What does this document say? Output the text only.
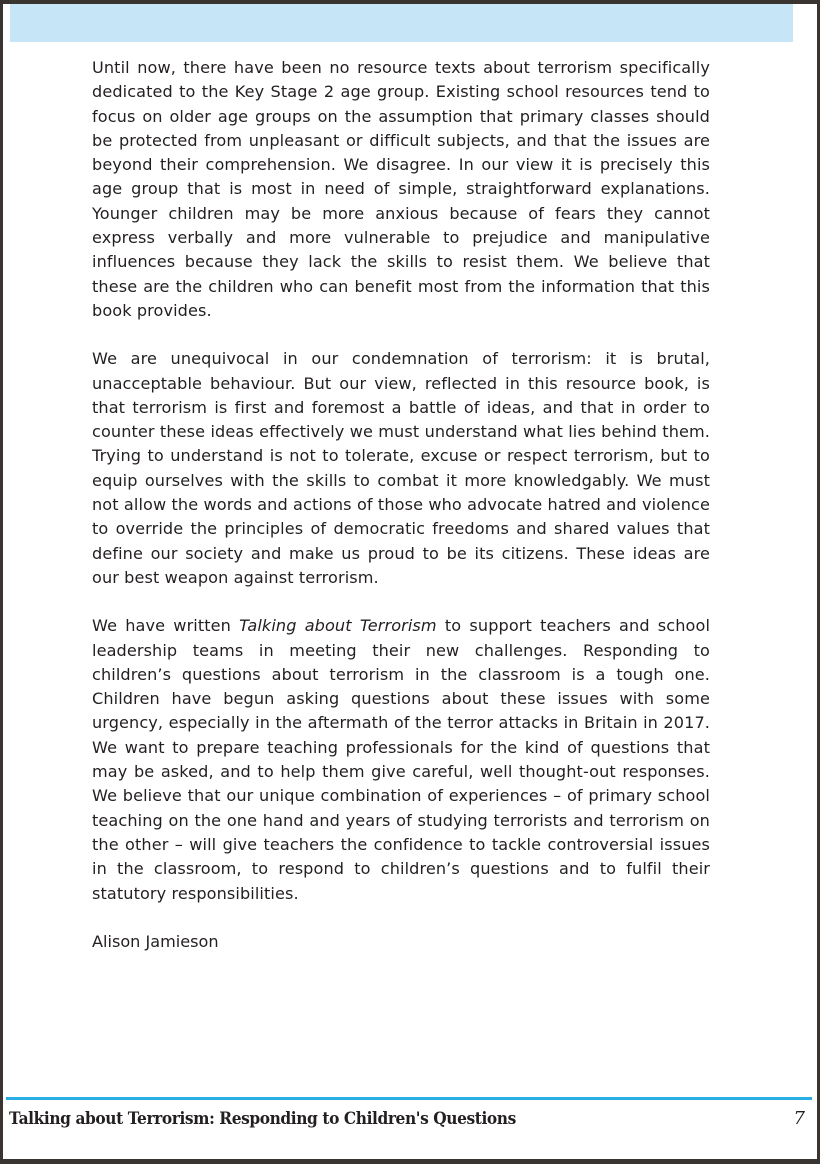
Until now, there have been no resource texts about terrorism specifically dedicated to the Key Stage 2 age group. Existing school resources tend to focus on older age groups on the assumption that primary classes should be protected from unpleasant or difficult subjects, and that the issues are beyond their comprehension. We disagree. In our view it is precisely this age group that is most in need of simple, straightforward explanations. Younger children may be more anxious because of fears they cannot express verbally and more vulnerable to prejudice and manipulative influences because they lack the skills to resist them. We believe that these are the children who can benefit most from the information that this book provides.

We are unequivocal in our condemnation of terrorism: it is brutal, unacceptable behaviour. But our view, reflected in this resource book, is that terrorism is first and foremost a battle of ideas, and that in order to counter these ideas effectively we must understand what lies behind them. Trying to understand is not to tolerate, excuse or respect terrorism, but to equip ourselves with the skills to combat it more knowledgably. We must not allow the words and actions of those who advocate hatred and violence to override the principles of democratic freedoms and shared values that define our society and make us proud to be its citizens. These ideas are our best weapon against terrorism.

We have written Talking about Terrorism to support teachers and school leadership teams in meeting their new challenges. Responding to children’s questions about terrorism in the classroom is a tough one. Children have begun asking questions about these issues with some urgency, especially in the aftermath of the terror attacks in Britain in 2017. We want to prepare teaching professionals for the kind of questions that may be asked, and to help them give careful, well thought-out responses. We believe that our unique combination of experiences – of primary school teaching on the one hand and years of studying terrorists and terrorism on the other – will give teachers the confidence to tackle controversial issues in the classroom, to respond to children’s questions and to fulfil their statutory responsibilities.

Alison Jamieson

Talking about Terrorism: Responding to Children's Questions	7
